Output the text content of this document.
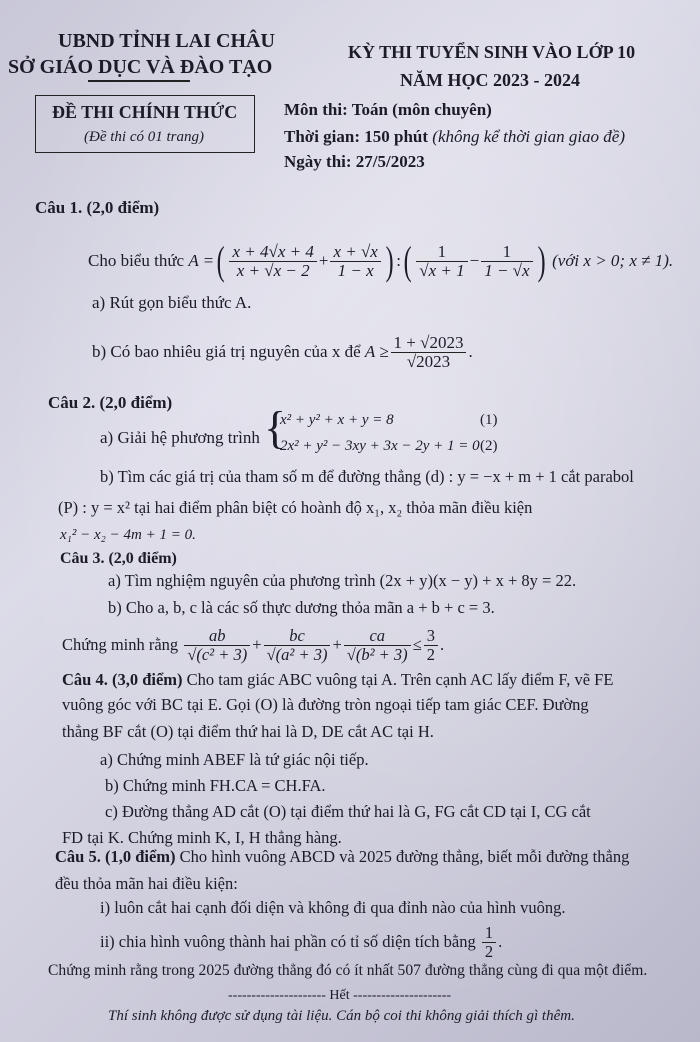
UBND TỈNH LAI CHÂU
SỞ GIÁO DỤC VÀ ĐÀO TẠO
KỲ THI TUYỂN SINH VÀO LỚP 10
NĂM HỌC 2023 - 2024
ĐỀ THI CHÍNH THỨC
(Đề thi có 01 trang)
Môn thi: Toán (môn chuyên)
Thời gian: 150 phút (không kể thời gian giao đề)
Ngày thi: 27/5/2023
Câu 1. (2,0 điểm)
Cho biểu thức
A = ( $\frac{x + 4√x + 4}{x + √x - 2} + \frac{x + √x}{1 - x}$ ) : ( $\frac{1}{√x + 1} - \frac{1}{1 - √x}$ )
(với x > 0; x ≠ 1).
a) Rút gọn biểu thức A.
b) Có bao nhiêu giá trị nguyên của x để
$A \ge \frac{1 + √2023}{√2023}$ .
Câu 2. (2,0 điểm)
a) Giải hệ phương trình {
x² + y² + x + y = 8	(1)
2x² + y² − 3xy + 3x − 2y + 1 = 0 (2)
b) Tìm các giá trị của tham số m để đường thẳng (d) : y = −x + m + 1 cắt parabol
(P) : y = x² tại hai điểm phân biệt có hoành độ x₁, x₂ thỏa mãn điều kiện
x₁² − x₂ − 4m + 1 = 0.
Câu 3. (2,0 điểm)
a) Tìm nghiệm nguyên của phương trình (2x + y)(x − y) + x + 8y = 22.
b) Cho a, b, c là các số thực dương thỏa mãn a + b + c = 3.
Chứng minh rằng
$\frac{ab}{\text{√(c² + 3)}} + \frac{bc}{\text{√(a² + 3)}} + \frac{ca}{\text{√(b² + 3)}} \le \frac{3}{2}$ .
Câu 4. (3,0 điểm) Cho tam giác ABC vuông tại A. Trên cạnh AC lấy điểm F, vẽ FE
vuông góc với BC tại E. Gọi (O) là đường tròn ngoại tiếp tam giác CEF. Đường
thẳng BF cắt (O) tại điểm thứ hai là D, DE cắt AC tại H.
a) Chứng minh ABEF là tứ giác nội tiếp.
b) Chứng minh FH.CA = CH.FA.
c) Đường thẳng AD cắt (O) tại điểm thứ hai là G, FG cắt CD tại I, CG cắt
FD tại K. Chứng minh K, I, H thẳng hàng.
Câu 5. (1,0 điểm) Cho hình vuông ABCD và 2025 đường thẳng, biết mỗi đường thẳng
đều thỏa mãn hai điều kiện:
i) luôn cắt hai cạnh đối diện và không đi qua đỉnh nào của hình vuông.
ii) chia hình vuông thành hai phần có tỉ số diện tích bằng
$\frac{1}{2}$ .
Chứng minh rằng trong 2025 đường thẳng đó có ít nhất 507 đường thẳng cùng đi qua một điểm.
--------------------- Hết ---------------------
Thí sinh không được sử dụng tài liệu. Cán bộ coi thi không giải thích gì thêm.
